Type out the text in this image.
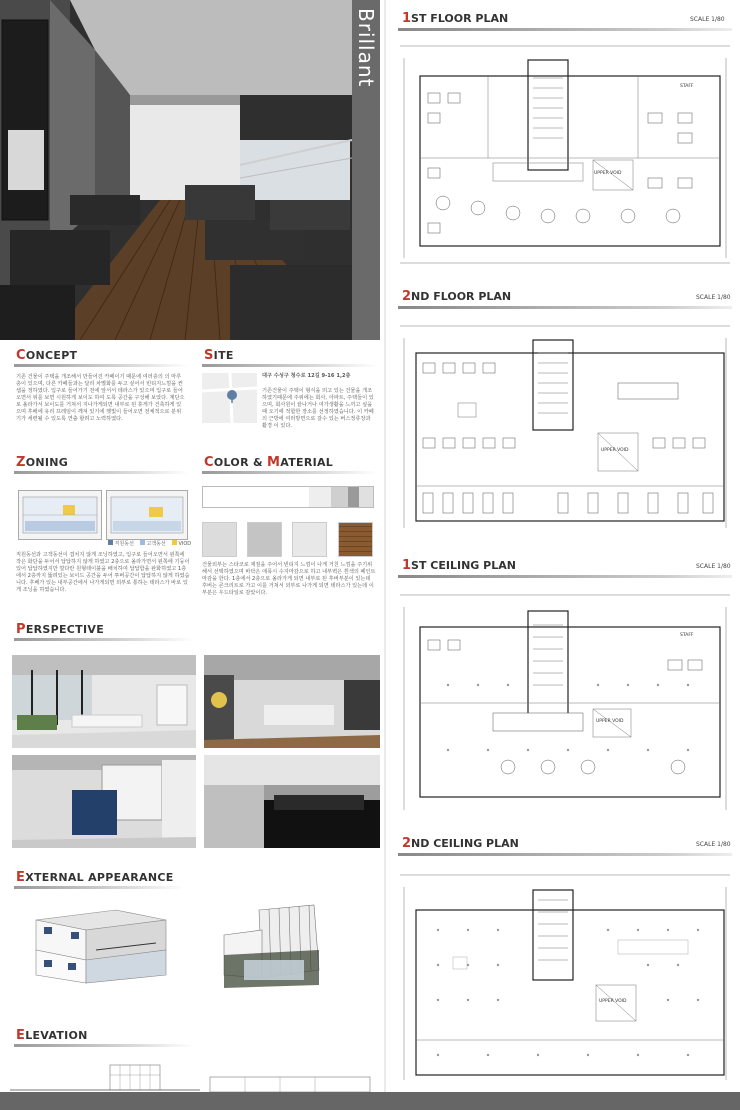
Brillant
CONCEPT
기존 건물이 주택을 개조해서 만들어진 카페이기 때문에 여러층의 의 마루층이 있으며, 다른 카페들과는 달리 차별화를 두고 싶어서 빈티지느낌을 컨셉을 정하였다. 입구로 들어가기 전에 앞서서 테라스가 있으며 입구로 들어오면서 위를 보면 시원하게 보이도 하여 도록 공간을 구성해 보았다. 계단으로 올라가서 보이도를 거쳐서 지나가게되면 내부로 된 휴게가 건축하게 있으며 후배에 유리 프레임이 깨져 있기에 햇빛이 들어오면 전체적으로 분위기가 세련될 수 있도록 연출 할려고 노력하였다.
SITE
대구 수성구 청수로 12길 9-16 1,2층
기존건물이 주택이 형식을 띄고 있는 건물을 개조하였기때문에 주위에는 회사, 아파트, 주택들이 있으며, 회사원이 끝나거나 여가생활을 느끼고 싶을때 오기에 적합한 장소를 선정하였습니다. 이 카페의 근방에 여러방면으로 갈수 있는 버스정류장과 활경 이 있다.
ZONING
직원동선	고객동선	VIOD
직원동선과 고객동선이 겹치지 않게 조닝하였고, 입구로 들어오면서 왼쪽에 작은 화단을 두어서 답답하지 않게 하였고 2층으로 올라가면서 왼쪽에 기둥이 있어 답답하였지만 깔다란 원형테이블을 배치하여 답답함을 완화하였고 1층에서 2층까지 뚫려있는 보이드 공간을 두어 투버공간이 답답하지 않게 하였습니다. 후베가 있는 내부공간에서 나가게되면 외부로 통하는 테라스가 바로 있게 조닝을 하였습니다.
COLOR & MATERIAL
건물외부는 스타코로 재질을 주어서 빈티지 느낌이 나게 거친 느낌을 주기위해서 선택하였으며 바닥은 애폭시 수지마감으로 하고 내부벽은 흰색의 페인트 마감을 한다. 1층에서 2층으로 올라가게 되면 내부로 된 후버부분이 있는데 후버는 콘크리트로 가고 이를 거쳐서 외부로 나가게 되면 테라스가 있는데 이 부분은 우드타일로 감았이다.
PERSPECTIVE
EXTERNAL APPEARANCE
ELEVATION
1ST FLOOR PLAN	SCALE 1/80
2ND FLOOR PLAN	SCALE 1/80
1ST CEILING PLAN	SCALE 1/80
2ND CEILING PLAN	SCALE 1/80
UPPER VOID
STAFF
UPPER VOID
UPPER VOID
STAFF
UPPER VOID
